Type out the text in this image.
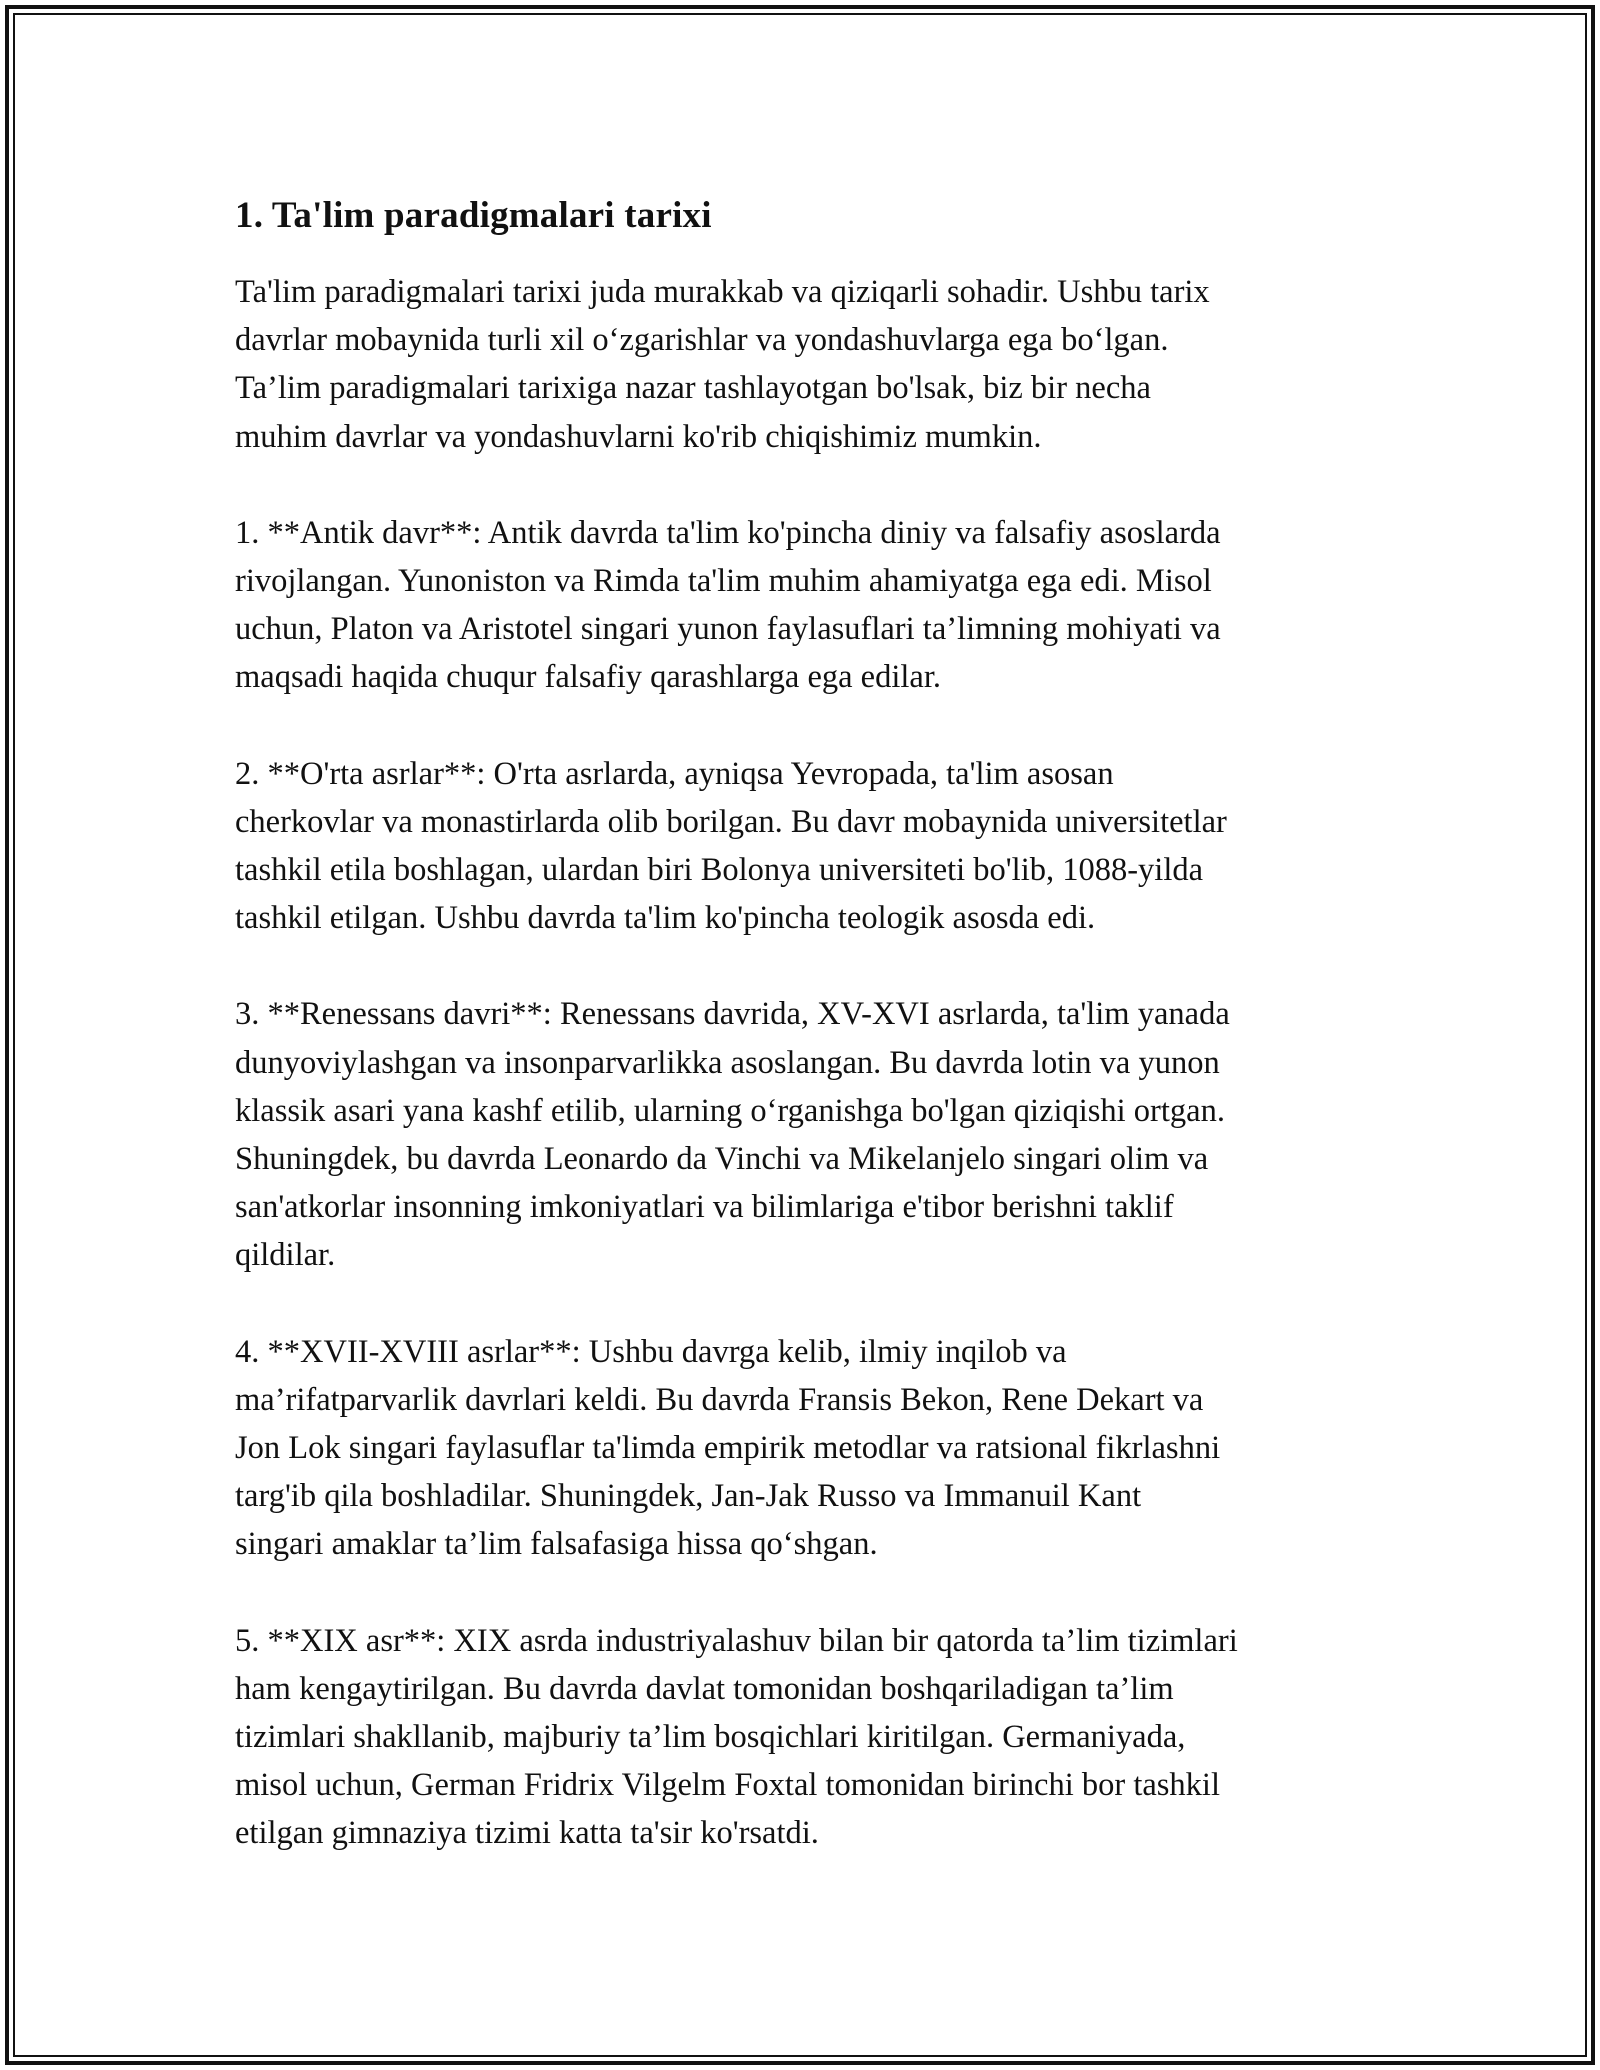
1. Ta'lim paradigmalari tarixi

Ta'lim paradigmalari tarixi juda murakkab va qiziqarli sohadir. Ushbu tarix
davrlar mobaynida turli xil o‘zgarishlar va yondashuvlarga ega bo‘lgan.
Ta’lim paradigmalari tarixiga nazar tashlayotgan bo'lsak, biz bir necha
muhim davrlar va yondashuvlarni ko'rib chiqishimiz mumkin.

1. **Antik davr**: Antik davrda ta'lim ko'pincha diniy va falsafiy asoslarda
rivojlangan. Yunoniston va Rimda ta'lim muhim ahamiyatga ega edi. Misol
uchun, Platon va Aristotel singari yunon faylasuflari ta’limning mohiyati va
maqsadi haqida chuqur falsafiy qarashlarga ega edilar.

2. **O'rta asrlar**: O'rta asrlarda, ayniqsa Yevropada, ta'lim asosan
cherkovlar va monastirlarda olib borilgan. Bu davr mobaynida universitetlar
tashkil etila boshlagan, ulardan biri Bolonya universiteti bo'lib, 1088-yilda
tashkil etilgan. Ushbu davrda ta'lim ko'pincha teologik asosda edi.

3. **Renessans davri**: Renessans davrida, XV-XVI asrlarda, ta'lim yanada
dunyoviylashgan va insonparvarlikka asoslangan. Bu davrda lotin va yunon
klassik asari yana kashf etilib, ularning o‘rganishga bo'lgan qiziqishi ortgan.
Shuningdek, bu davrda Leonardo da Vinchi va Mikelanjelo singari olim va
san'atkorlar insonning imkoniyatlari va bilimlariga e'tibor berishni taklif
qildilar.

4. **XVII-XVIII asrlar**: Ushbu davrga kelib, ilmiy inqilob va
ma’rifatparvarlik davrlari keldi. Bu davrda Fransis Bekon, Rene Dekart va
Jon Lok singari faylasuflar ta'limda empirik metodlar va ratsional fikrlashni
targ'ib qila boshladilar. Shuningdek, Jan-Jak Russo va Immanuil Kant
singari amaklar ta’lim falsafasiga hissa qo‘shgan.

5. **XIX asr**: XIX asrda industriyalashuv bilan bir qatorda ta’lim tizimlari
ham kengaytirilgan. Bu davrda davlat tomonidan boshqariladigan ta’lim
tizimlari shakllanib, majburiy ta’lim bosqichlari kiritilgan. Germaniyada,
misol uchun, German Fridrix Vilgelm Foxtal tomonidan birinchi bor tashkil
etilgan gimnaziya tizimi katta ta'sir ko'rsatdi.
